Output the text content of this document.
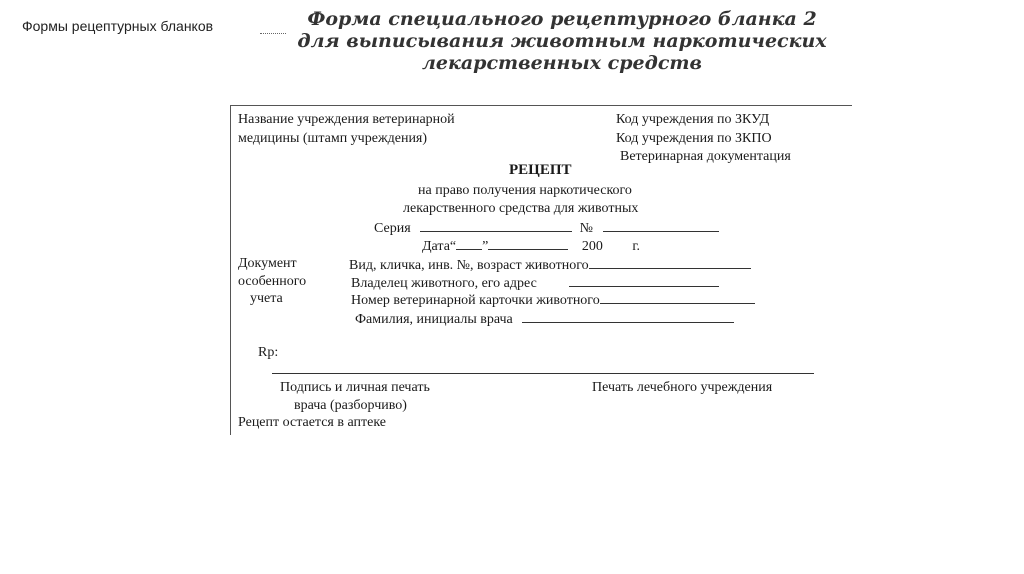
Формы рецептурных бланков	Форма специального рецептурного бланка 2
для выписывания животным наркотических
лекарственных средств
Название учреждения ветеринарной
медицины (штамп учреждения)
Код учреждения по ЗКУД
Код учреждения по ЗКПО
Ветеринарная документация
РЕЦЕПТ
на право получения наркотического
лекарственного средства для животных
Серия	№
Дата“ ”	200 г.
Документ
особенного
учета
Вид, кличка, инв. №, возраст животного
Владелец животного, его адрес
Номер ветеринарной карточки животного
Фамилия, инициалы врача
Rp:
Подпись и личная печать
врача (разборчиво)
Печать лечебного учреждения
Рецепт остается в аптеке
